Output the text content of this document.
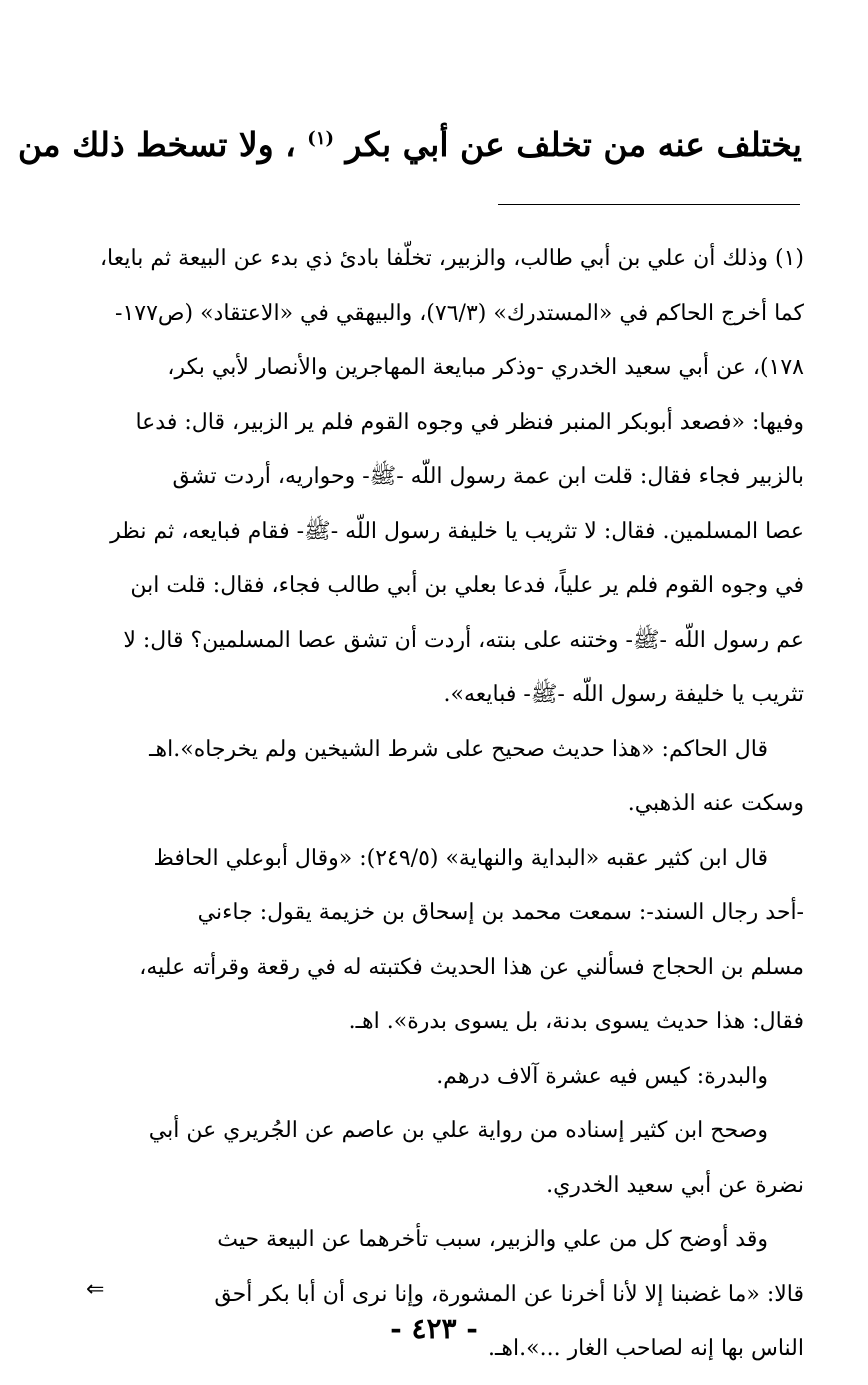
يختلف عنه من تخلف عن أبي بكر $^{(١)}$ ، ولا تسخط ذلك من
(١) وذلك أن علي بن أبي طالب، والزبير، تخلّفا بادئ ذي بدء عن البيعة ثم بايعا،
كما أخرج الحاكم في «المستدرك» (٧٦/٣)، والبيهقي في «الاعتقاد» (ص١٧٧-
١٧٨)، عن أبي سعيد الخدري -وذكر مبايعة المهاجرين والأنصار لأبي بكر،
وفيها: «فصعد أبوبكر المنبر فنظر في وجوه القوم فلم ير الزبير، قال: فدعا
بالزبير فجاء فقال: قلت ابن عمة رسول اللّه -ﷺ- وحواريه، أردت تشق
عصا المسلمين. فقال: لا تثريب يا خليفة رسول اللّه -ﷺ- فقام فبايعه، ثم نظر
في وجوه القوم فلم ير علياً، فدعا بعلي بن أبي طالب فجاء، فقال: قلت ابن
عم رسول اللّه -ﷺ- وختنه على بنته، أردت أن تشق عصا المسلمين؟ قال: لا
تثريب يا خليفة رسول اللّه -ﷺ- فبايعه».
قال الحاكم: «هذا حديث صحيح على شرط الشيخين ولم يخرجاه».اهـ
وسكت عنه الذهبي.
قال ابن كثير عقبه «البداية والنهاية» (٢٤٩/٥): «وقال أبوعلي الحافظ
-أحد رجال السند-: سمعت محمد بن إسحاق بن خزيمة يقول: جاءني
مسلم بن الحجاج فسألني عن هذا الحديث فكتبته له في رقعة وقرأته عليه،
فقال: هذا حديث يسوى بدنة، بل يسوى بدرة». اهـ.
والبدرة: كيس فيه عشرة آلاف درهم.
وصحح ابن كثير إسناده من رواية علي بن عاصم عن الجُريري عن أبي
نضرة عن أبي سعيد الخدري.
وقد أوضح كل من علي والزبير، سبب تأخرهما عن البيعة حيث
قالا: «ما غضبنا إلا لأنا أخرنا عن المشورة، وإنا نرى أن أبا بكر أحق
الناس بها إنه لصاحب الغار ...».اهـ.
⇐
- ٤٢٣ -
